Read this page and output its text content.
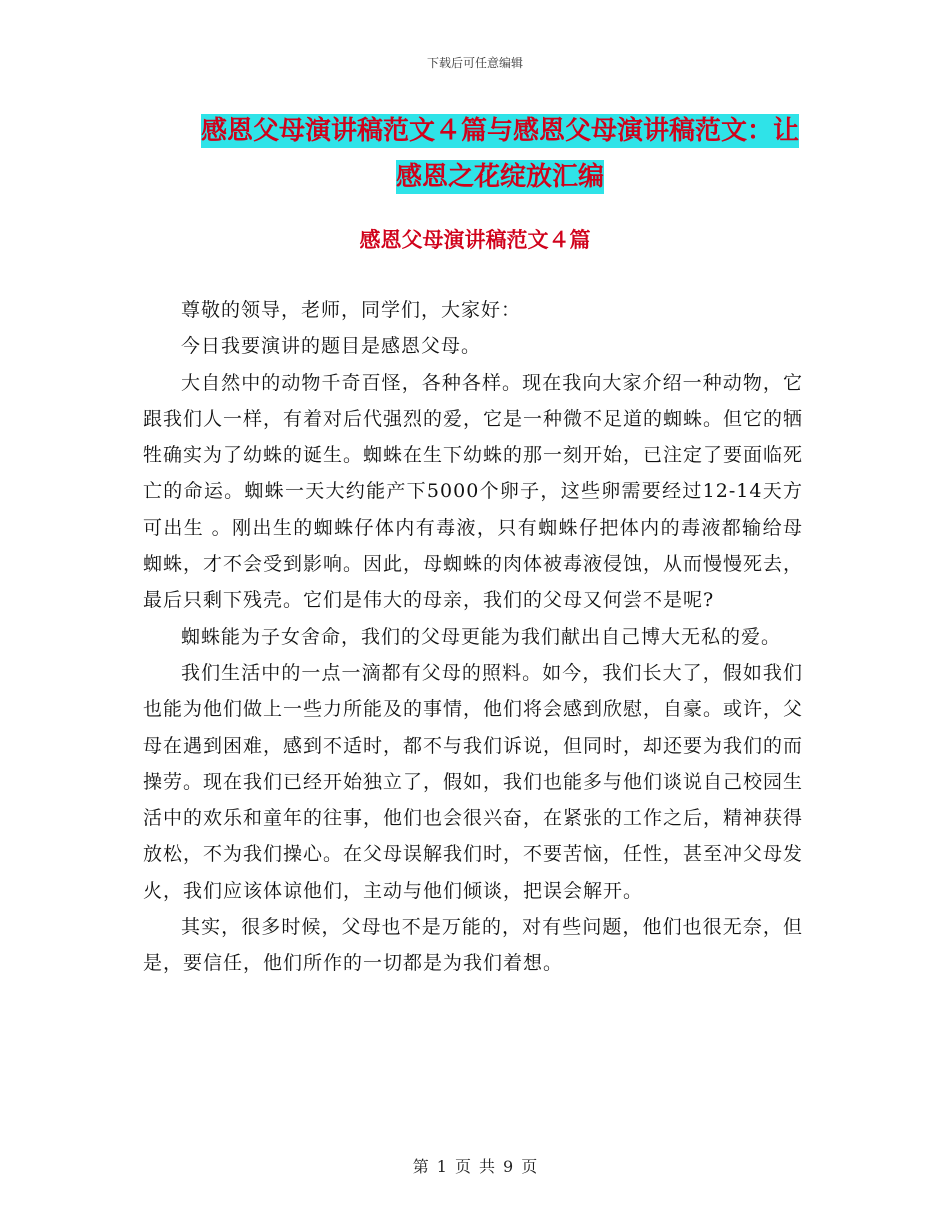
下载后可任意编辑
感恩父母演讲稿范文４篇与感恩父母演讲稿范文：让
感恩之花绽放汇编
感恩父母演讲稿范文４篇

尊敬的领导，老师，同学们，大家好：

今日我要演讲的题目是感恩父母。

大自然中的动物千奇百怪，各种各样。现在我向大家介绍一种动物，它跟我们人一样，有着对后代强烈的爱，它是一种微不足道的蜘蛛。但它的牺牲确实为了幼蛛的诞生。蜘蛛在生下幼蛛的那一刻开始，已注定了要面临死亡的命运。蜘蛛一天大约能产下5000个卵子，这些卵需要经过12-14天方可出生 。刚出生的蜘蛛仔体内有毒液，只有蜘蛛仔把体内的毒液都输给母蜘蛛，才不会受到影响。因此，母蜘蛛的肉体被毒液侵蚀，从而慢慢死去，最后只剩下残壳。它们是伟大的母亲，我们的父母又何尝不是呢?

蜘蛛能为子女舍命，我们的父母更能为我们献出自己博大无私的爱。

我们生活中的一点一滴都有父母的照料。如今，我们长大了，假如我们也能为他们做上一些力所能及的事情，他们将会感到欣慰，自豪。或许，父母在遇到困难，感到不适时，都不与我们诉说，但同时，却还要为我们的而操劳。现在我们已经开始独立了，假如，我们也能多与他们谈说自己校园生活中的欢乐和童年的往事，他们也会很兴奋，在紧张的工作之后，精神获得放松，不为我们操心。在父母误解我们时，不要苦恼，任性，甚至冲父母发火，我们应该体谅他们，主动与他们倾谈，把误会解开。

其实，很多时候，父母也不是万能的，对有些问题，他们也很无奈，但是，要信任，他们所作的一切都是为我们着想。

第 1 页 共 9 页
